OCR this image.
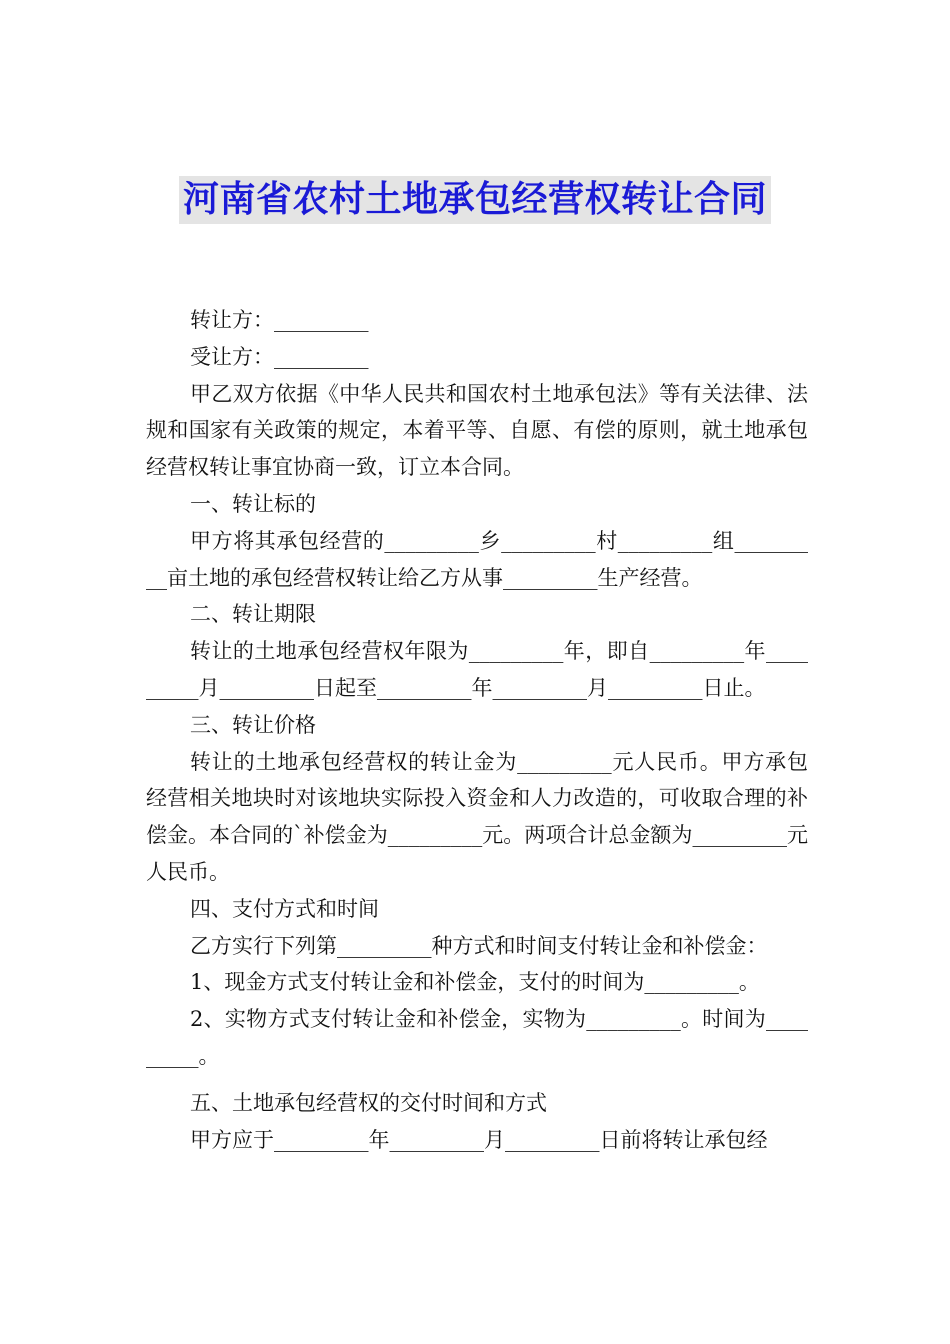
河南省农村土地承包经营权转让合同

转让方：_________

受让方：_________

甲乙双方依据《中华人民共和国农村土地承包法》等有关法律、法规和国家有关政策的规定，本着平等、自愿、有偿的原则，就土地承包经营权转让事宜协商一致，订立本合同。

一、转让标的

甲方将其承包经营的_________乡_________村_________组_________亩土地的承包经营权转让给乙方从事_________生产经营。

二、转让期限

转让的土地承包经营权年限为_________年，即自_________年_________月_________日起至_________年_________月_________日止。

三、转让价格

转让的土地承包经营权的转让金为_________元人民币。甲方承包经营相关地块时对该地块实际投入资金和人力改造的，可收取合理的补偿金。本合同的`补偿金为_________元。两项合计总金额为_________元人民币。

四、支付方式和时间

乙方实行下列第_________种方式和时间支付转让金和补偿金：

1、现金方式支付转让金和补偿金，支付的时间为_________。

2、实物方式支付转让金和补偿金，实物为_________。时间为_________。

五、土地承包经营权的交付时间和方式

甲方应于_________年_________月_________日前将转让承包经
